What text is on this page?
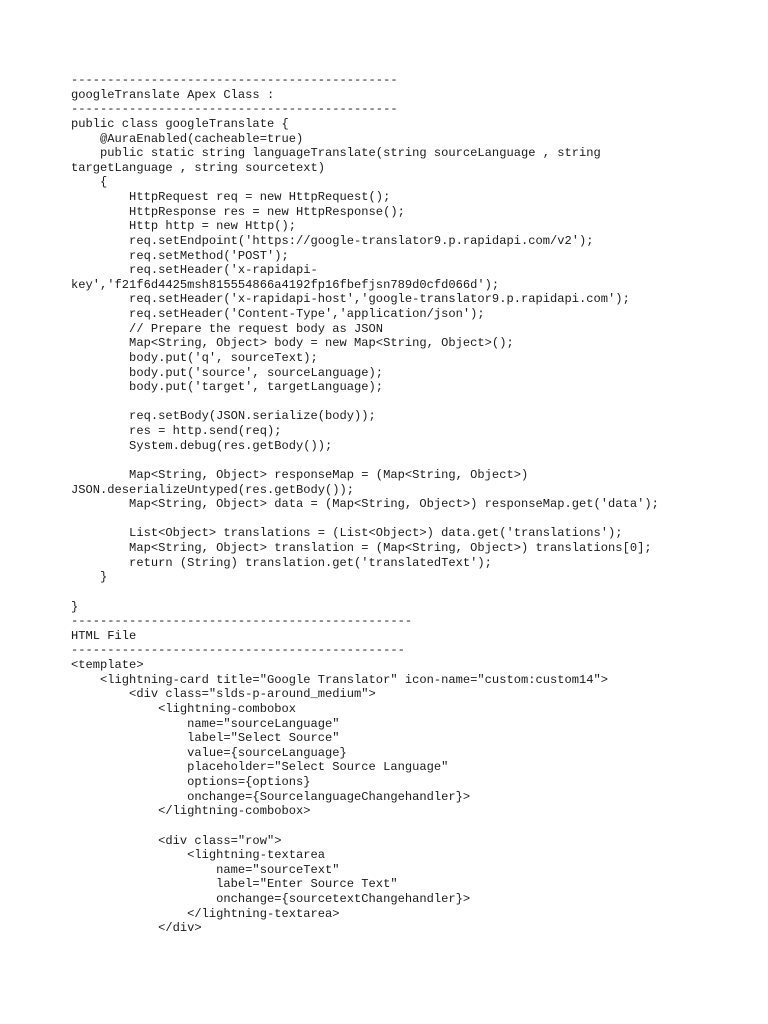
---------------------------------------------
googleTranslate Apex Class :
---------------------------------------------
public class googleTranslate {
@AuraEnabled(cacheable=true)
public static string languageTranslate(string sourceLanguage , string
targetLanguage , string sourcetext)
{
HttpRequest req = new HttpRequest();
HttpResponse res = new HttpResponse();
Http http = new Http();
req.setEndpoint('https://google-translator9.p.rapidapi.com/v2');
req.setMethod('POST');
req.setHeader('x-rapidapi-
key','f21f6d4425msh815554866a4192fp16fbefjsn789d0cfd066d');
req.setHeader('x-rapidapi-host','google-translator9.p.rapidapi.com');
req.setHeader('Content-Type','application/json');
// Prepare the request body as JSON
Map<String, Object> body = new Map<String, Object>();
body.put('q', sourceText);
body.put('source', sourceLanguage);
body.put('target', targetLanguage);

req.setBody(JSON.serialize(body));
res = http.send(req);
System.debug(res.getBody());

Map<String, Object> responseMap = (Map<String, Object>)
JSON.deserializeUntyped(res.getBody());
Map<String, Object> data = (Map<String, Object>) responseMap.get('data');

List<Object> translations = (List<Object>) data.get('translations');
Map<String, Object> translation = (Map<String, Object>) translations[0];
return (String) translation.get('translatedText');
}

}
-----------------------------------------------
HTML File
----------------------------------------------
<template>
<lightning-card title="Google Translator" icon-name="custom:custom14">
<div class="slds-p-around_medium">
<lightning-combobox
name="sourceLanguage"
label="Select Source"
value={sourceLanguage}
placeholder="Select Source Language"
options={options}
onchange={SourcelanguageChangehandler}>
</lightning-combobox>

<div class="row">
<lightning-textarea
name="sourceText"
label="Enter Source Text"
onchange={sourcetextChangehandler}>
</lightning-textarea>
</div>
